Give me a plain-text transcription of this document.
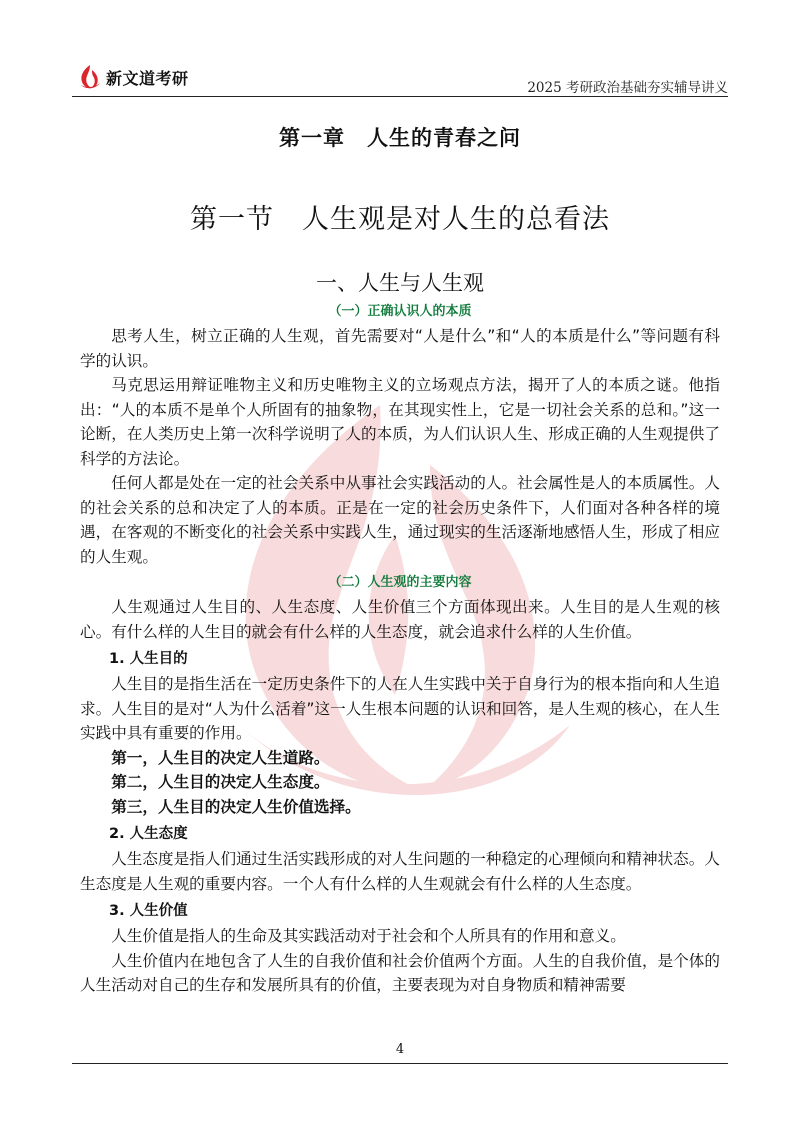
新文道考研
2025 考研政治基础夯实辅导讲义
第一章　人生的青春之问
第一节　人生观是对人生的总看法
一、人生与人生观
（一）正确认识人的本质

思考人生，树立正确的人生观，首先需要对“人是什么”和“人的本质是什么”等问题有科学的认识。

马克思运用辩证唯物主义和历史唯物主义的立场观点方法，揭开了人的本质之谜。他指出：“人的本质不是单个人所固有的抽象物，在其现实性上，它是一切社会关系的总和。”这一论断，在人类历史上第一次科学说明了人的本质，为人们认识人生、形成正确的人生观提供了科学的方法论。

任何人都是处在一定的社会关系中从事社会实践活动的人。社会属性是人的本质属性。人的社会关系的总和决定了人的本质。正是在一定的社会历史条件下，人们面对各种各样的境遇，在客观的不断变化的社会关系中实践人生，通过现实的生活逐渐地感悟人生，形成了相应的人生观。

（二）人生观的主要内容

人生观通过人生目的、人生态度、人生价值三个方面体现出来。人生目的是人生观的核心。有什么样的人生目的就会有什么样的人生态度，就会追求什么样的人生价值。

1. 人生目的

人生目的是指生活在一定历史条件下的人在人生实践中关于自身行为的根本指向和人生追求。人生目的是对“人为什么活着”这一人生根本问题的认识和回答，是人生观的核心，在人生实践中具有重要的作用。

第一，人生目的决定人生道路。
第二，人生目的决定人生态度。
第三，人生目的决定人生价值选择。
2. 人生态度

人生态度是指人们通过生活实践形成的对人生问题的一种稳定的心理倾向和精神状态。人生态度是人生观的重要内容。一个人有什么样的人生观就会有什么样的人生态度。

3. 人生价值

人生价值是指人的生命及其实践活动对于社会和个人所具有的作用和意义。

人生价值内在地包含了人生的自我价值和社会价值两个方面。人生的自我价值，是个体的人生活动对自己的生存和发展所具有的价值，主要表现为对自身物质和精神需要

4
